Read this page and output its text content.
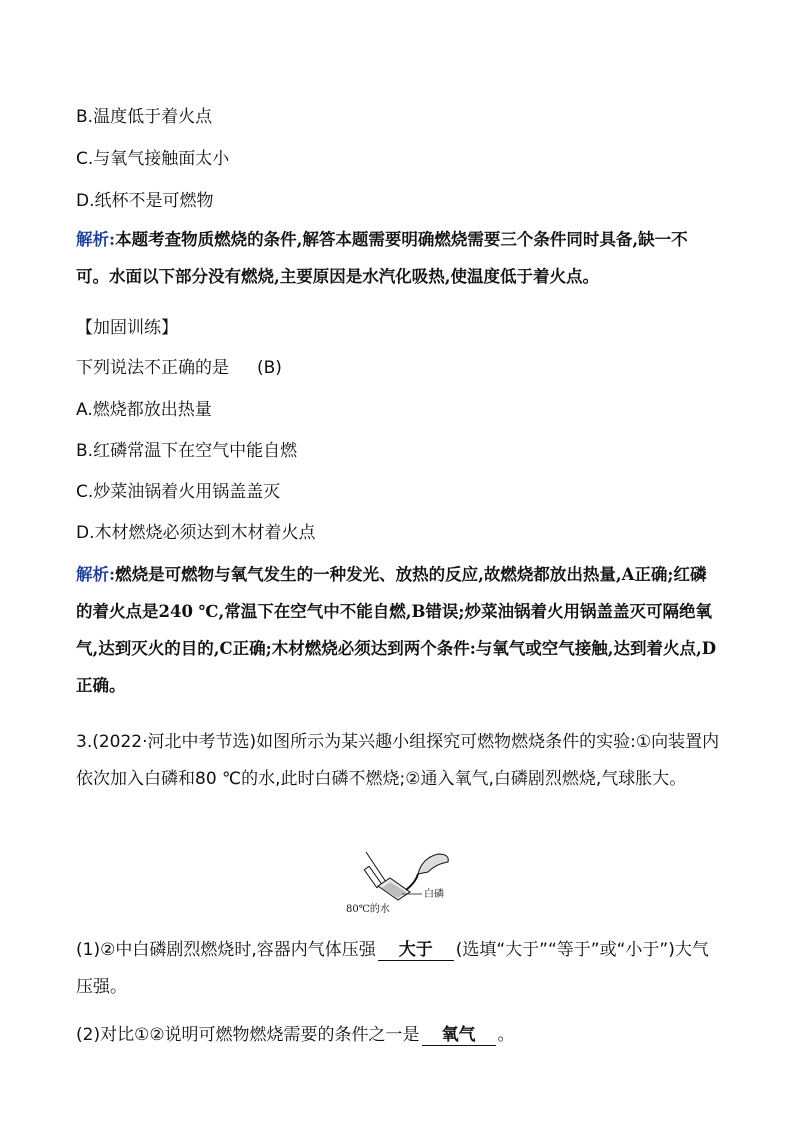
B.温度低于着火点
C.与氧气接触面太小
D.纸杯不是可燃物
解析:本题考查物质燃烧的条件,解答本题需要明确燃烧需要三个条件同时具备,缺一不可。水面以下部分没有燃烧,主要原因是水汽化吸热,使温度低于着火点。
【加固训练】
下列说法不正确的是 (B)
A.燃烧都放出热量
B.红磷常温下在空气中能自燃
C.炒菜油锅着火用锅盖盖灭
D.木材燃烧必须达到木材着火点
解析:燃烧是可燃物与氧气发生的一种发光、放热的反应,故燃烧都放出热量,A正确;红磷的着火点是240 ℃,常温下在空气中不能自燃,B错误;炒菜油锅着火用锅盖盖灭可隔绝氧气,达到灭火的目的,C正确;木材燃烧必须达到两个条件:与氧气或空气接触,达到着火点,D正确。
3.(2022·河北中考节选)如图所示为某兴趣小组探究可燃物燃烧条件的实验:①向装置内依次加入白磷和80 ℃的水,此时白磷不燃烧;②通入氧气,白磷剧烈燃烧,气球胀大。
白磷
80℃的水
(1)②中白磷剧烈燃烧时,容器内气体压强 大于 (选填“大于”“等于”或“小于”)大气压强。
(2)对比①②说明可燃物燃烧需要的条件之一是 氧气 。
